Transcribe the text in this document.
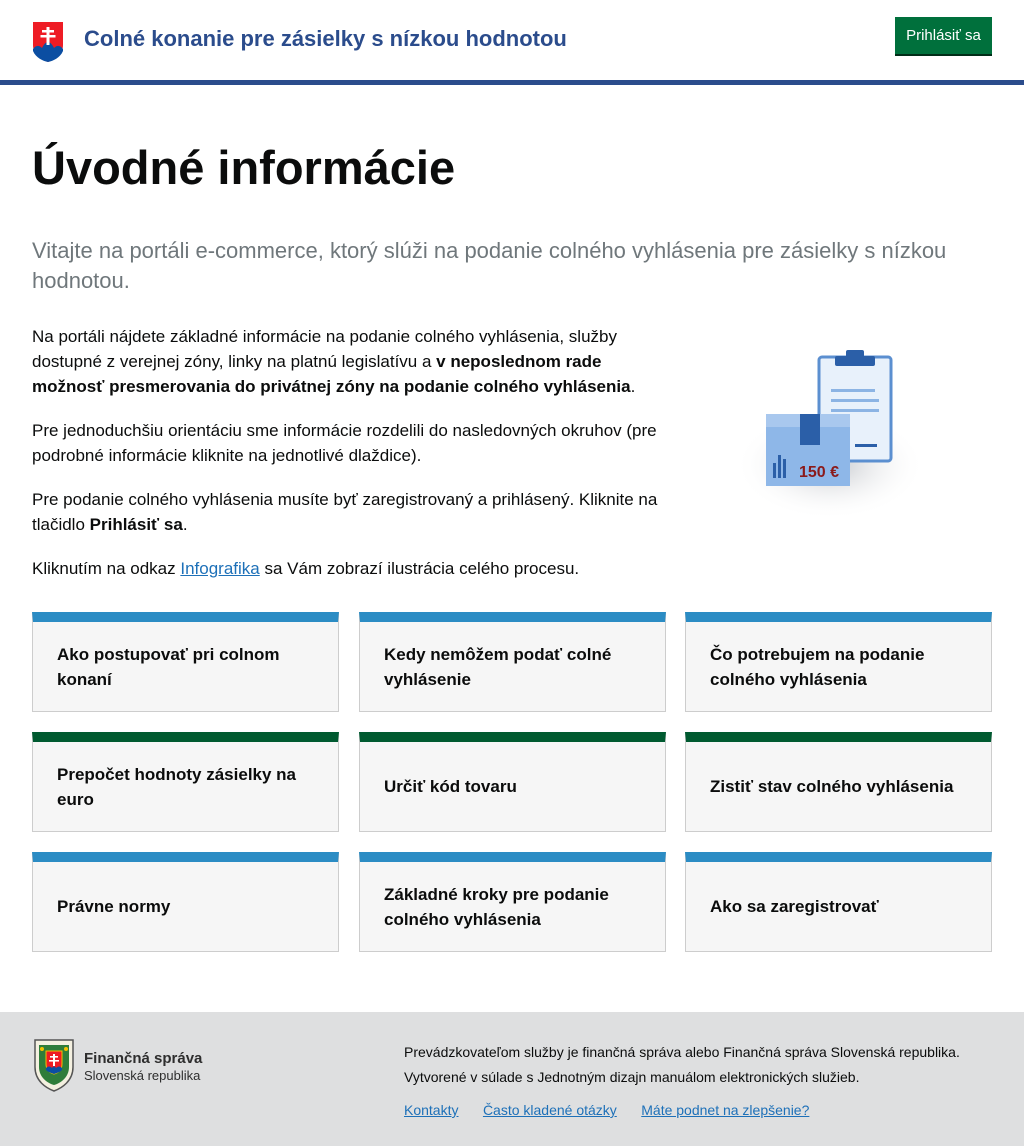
Colné konanie pre zásielky s nízkou hodnotou	Prihlásiť sa
Úvodné informácie

Vitajte na portáli e-commerce, ktorý slúži na podanie colného vyhlásenia pre zásielky s nízkou hodnotou.

Na portáli nájdete základné informácie na podanie colného vyhlásenia, služby dostupné z verejnej zóny, linky na platnú legislatívu a v neposlednom rade možnosť presmerovania do privátnej zóny na podanie colného vyhlásenia.

Pre jednoduchšiu orientáciu sme informácie rozdelili do nasledovných okruhov (pre podrobné informácie kliknite na jednotlivé dlaždice).

Pre podanie colného vyhlásenia musíte byť zaregistrovaný a prihlásený. Kliknite na tlačidlo Prihlásiť sa.

Kliknutím na odkaz Infografika sa Vám zobrazí ilustrácia celého procesu.

150 €
Ako postupovať pri colnom konaní
Kedy nemôžem podať colné vyhlásenie
Čo potrebujem na podanie colného vyhlásenia
Prepočet hodnoty zásielky na euro
Určiť kód tovaru	Zistiť stav colného vyhlásenia
Právne normy
Základné kroky pre podanie colného vyhlásenia
Ako sa zaregistrovať
Finančná správa
Slovenská republika

Prevádzkovateľom služby je finančná správa alebo Finančná správa Slovenská republika.

Vytvorené v súlade s Jednotným dizajn manuálom elektronických služieb.

Kontakty Často kladené otázky Máte podnet na zlepšenie?
